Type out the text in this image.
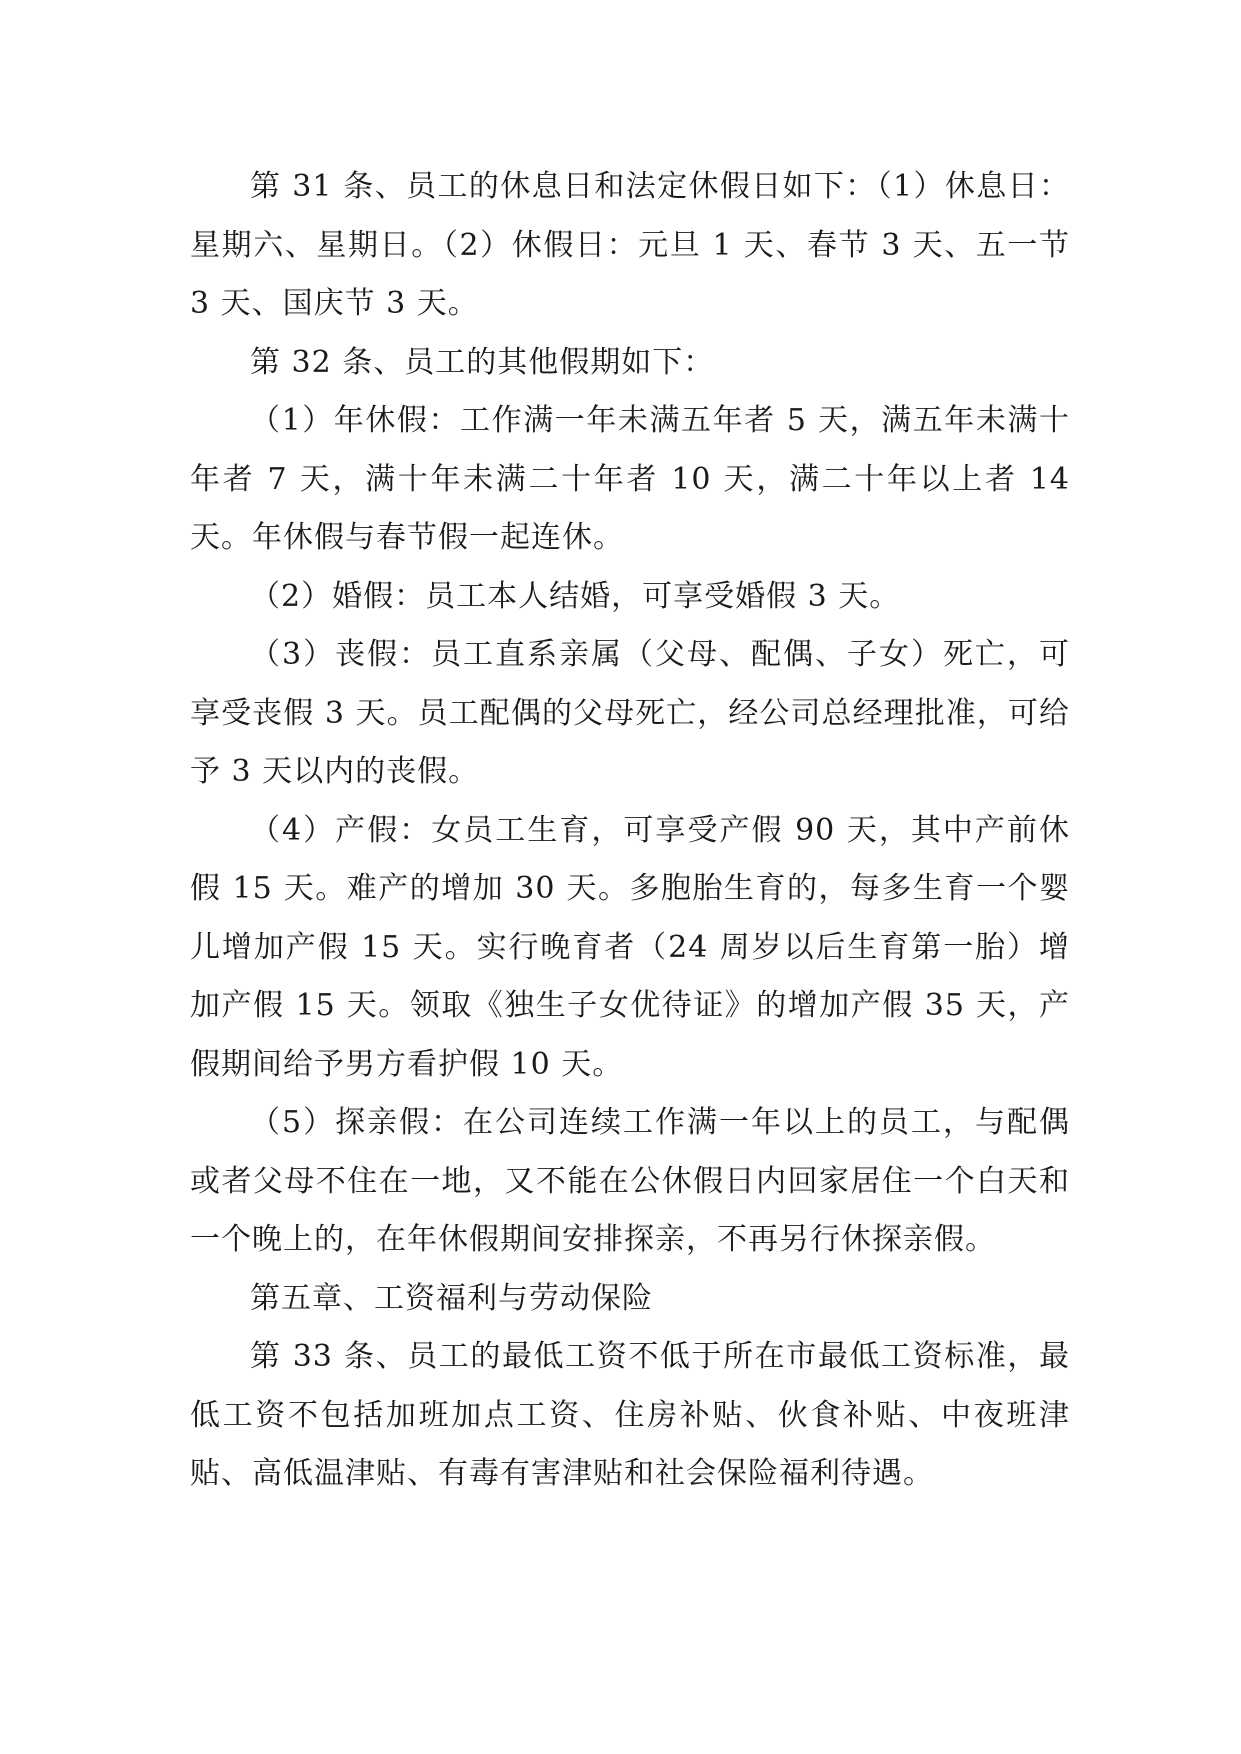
第 31 条、员工的休息日和法定休假日如下：（1）休息日：星期六、星期日。（2）休假日：元旦 1 天、春节 3 天、五一节 3 天、国庆节 3 天。

第 32 条、员工的其他假期如下：

（1）年休假：工作满一年未满五年者 5 天，满五年未满十年者 7 天，满十年未满二十年者 10 天，满二十年以上者 14 天。年休假与春节假一起连休。

（2）婚假：员工本人结婚，可享受婚假 3 天。

（3）丧假：员工直系亲属（父母、配偶、子女）死亡，可享受丧假 3 天。员工配偶的父母死亡，经公司总经理批准，可给予 3 天以内的丧假。

（4）产假：女员工生育，可享受产假 90 天，其中产前休假 15 天。难产的增加 30 天。多胞胎生育的，每多生育一个婴儿增加产假 15 天。实行晚育者（24 周岁以后生育第一胎）增加产假 15 天。领取《独生子女优待证》的增加产假 35 天，产假期间给予男方看护假 10 天。

（5）探亲假：在公司连续工作满一年以上的员工，与配偶或者父母不住在一地，又不能在公休假日内回家居住一个白天和一个晚上的，在年休假期间安排探亲，不再另行休探亲假。

第五章、工资福利与劳动保险

第 33 条、员工的最低工资不低于所在市最低工资标准，最低工资不包括加班加点工资、住房补贴、伙食补贴、中夜班津贴、高低温津贴、有毒有害津贴和社会保险福利待遇。
